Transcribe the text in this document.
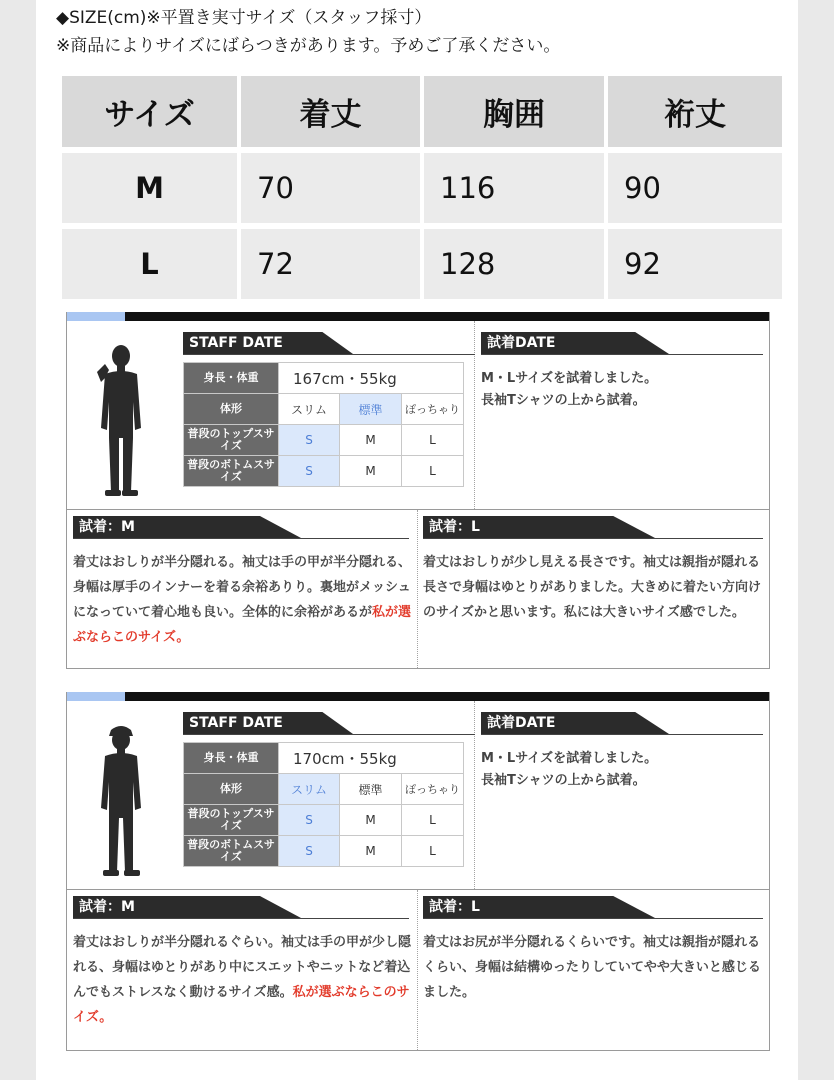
◆SIZE(cm)※平置き実寸サイズ（スタッフ採寸）
※商品によりサイズにばらつきがあります。予めご了承ください。
サイズ	着丈	胸囲	裄丈
M	70	116	90
L	72	128	92
STAFF DATE	試着DATE
身長・体重	167cm・55kg		
体形	スリム	標準	ぽっちゃり
普段のトップスサイズ	S	M	L
普段のボトムスサイズ	S	M	L
M・Lサイズを試着しました。
長袖Tシャツの上から試着。
試着：M	試着：L
着丈はおしりが半分隠れる。袖丈は手の甲が半分隠れる、身幅は厚手のインナーを着る余裕ありり。裏地がメッシュになっていて着心地も良い。全体的に余裕があるが私が選ぶならこのサイズ。
着丈はおしりが少し見える長さです。袖丈は親指が隠れる長さで身幅はゆとりがありました。大きめに着たい方向けのサイズかと思います。私には大きいサイズ感でした。
STAFF DATE	試着DATE
身長・体重	170cm・55kg		
体形	スリム	標準	ぽっちゃり
普段のトップスサイズ	S	M	L
普段のボトムスサイズ	S	M	L
M・Lサイズを試着しました。
長袖Tシャツの上から試着。
試着：M	試着：L
着丈はおしりが半分隠れるぐらい。袖丈は手の甲が少し隠れる、身幅はゆとりがあり中にスエットやニットなど着込んでもストレスなく動けるサイズ感。私が選ぶならこのサイズ。
着丈はお尻が半分隠れるくらいです。袖丈は親指が隠れるくらい、身幅は結構ゆったりしていてやや大きいと感じるました。
